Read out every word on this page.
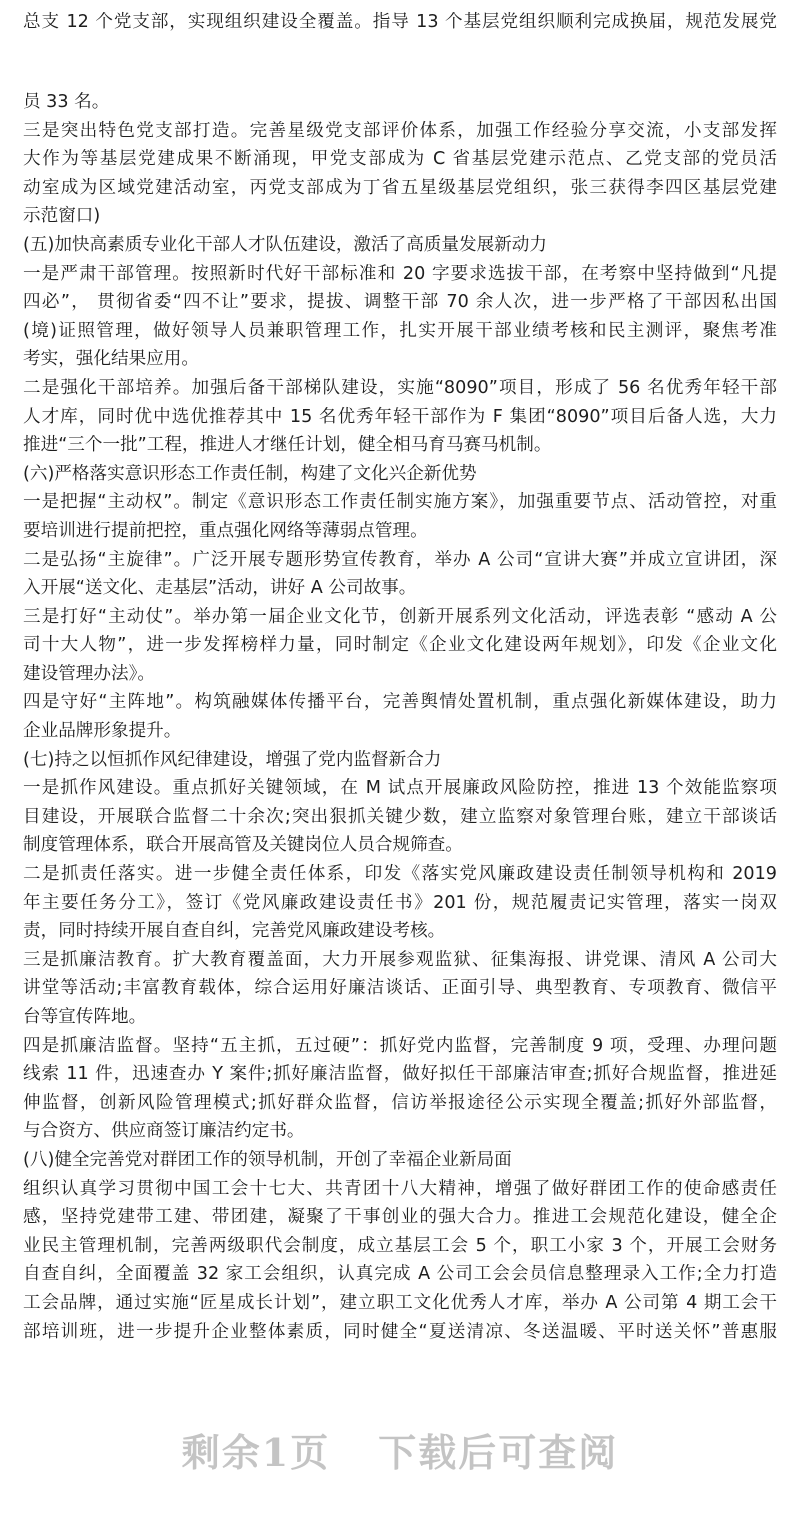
总支 12 个党支部，实现组织建设全覆盖。指导 13 个基层党组织顺利完成换届，规范发展党
员 33 名。
三是突出特色党支部打造。完善星级党支部评价体系，加强工作经验分享交流，小支部发挥
大作为等基层党建成果不断涌现，甲党支部成为 C 省基层党建示范点、乙党支部的党员活
动室成为区域党建活动室，丙党支部成为丁省五星级基层党组织，张三获得李四区基层党建
示范窗口)
(五)加快高素质专业化干部人才队伍建设，激活了高质量发展新动力
一是严肃干部管理。按照新时代好干部标准和 20 字要求选拔干部，在考察中坚持做到“凡提
四必”， 贯彻省委“四不让”要求，提拔、调整干部 70 余人次，进一步严格了干部因私出国
(境)证照管理，做好领导人员兼职管理工作，扎实开展干部业绩考核和民主测评，聚焦考准
考实，强化结果应用。
二是强化干部培养。加强后备干部梯队建设，实施“8090”项目，形成了 56 名优秀年轻干部
人才库，同时优中选优推荐其中 15 名优秀年轻干部作为 F 集团“8090”项目后备人选，大力
推进“三个一批”工程，推进人才继任计划，健全相马育马赛马机制。
(六)严格落实意识形态工作责任制，构建了文化兴企新优势
一是把握“主动权”。制定《意识形态工作责任制实施方案》，加强重要节点、活动管控，对重
要培训进行提前把控，重点强化网络等薄弱点管理。
二是弘扬“主旋律”。广泛开展专题形势宣传教育，举办 A 公司“宣讲大赛”并成立宣讲团，深
入开展“送文化、走基层”活动，讲好 A 公司故事。
三是打好“主动仗”。举办第一届企业文化节，创新开展系列文化活动，评选表彰 “感动 A 公
司十大人物”，进一步发挥榜样力量，同时制定《企业文化建设两年规划》，印发《企业文化
建设管理办法》。
四是守好“主阵地”。构筑融媒体传播平台，完善舆情处置机制，重点强化新媒体建设，助力
企业品牌形象提升。
(七)持之以恒抓作风纪律建设，增强了党内监督新合力
一是抓作风建设。重点抓好关键领域，在 M 试点开展廉政风险防控，推进 13 个效能监察项
目建设，开展联合监督二十余次;突出狠抓关键少数，建立监察对象管理台账，建立干部谈话
制度管理体系，联合开展高管及关键岗位人员合规筛查。
二是抓责任落实。进一步健全责任体系，印发《落实党风廉政建设责任制领导机构和 2019
年主要任务分工》，签订《党风廉政建设责任书》201 份，规范履责记实管理，落实一岗双
责，同时持续开展自查自纠，完善党风廉政建设考核。
三是抓廉洁教育。扩大教育覆盖面，大力开展参观监狱、征集海报、讲党课、清风 A 公司大
讲堂等活动;丰富教育载体，综合运用好廉洁谈话、正面引导、典型教育、专项教育、微信平
台等宣传阵地。
四是抓廉洁监督。坚持“五主抓，五过硬”：抓好党内监督，完善制度 9 项，受理、办理问题
线索 11 件，迅速查办 Y 案件;抓好廉洁监督，做好拟任干部廉洁审查;抓好合规监督，推进延
伸监督，创新风险管理模式;抓好群众监督，信访举报途径公示实现全覆盖;抓好外部监督，
与合资方、供应商签订廉洁约定书。
(八)健全完善党对群团工作的领导机制，开创了幸福企业新局面
组织认真学习贯彻中国工会十七大、共青团十八大精神，增强了做好群团工作的使命感责任
感，坚持党建带工建、带团建，凝聚了干事创业的强大合力。推进工会规范化建设，健全企
业民主管理机制，完善两级职代会制度，成立基层工会 5 个，职工小家 3 个，开展工会财务
自查自纠，全面覆盖 32 家工会组织，认真完成 A 公司工会会员信息整理录入工作;全力打造
工会品牌，通过实施“匠星成长计划”，建立职工文化优秀人才库，举办 A 公司第 4 期工会干
部培训班，进一步提升企业整体素质，同时健全“夏送清凉、冬送温暖、平时送关怀”普惠服
剩余1页 下载后可查阅
